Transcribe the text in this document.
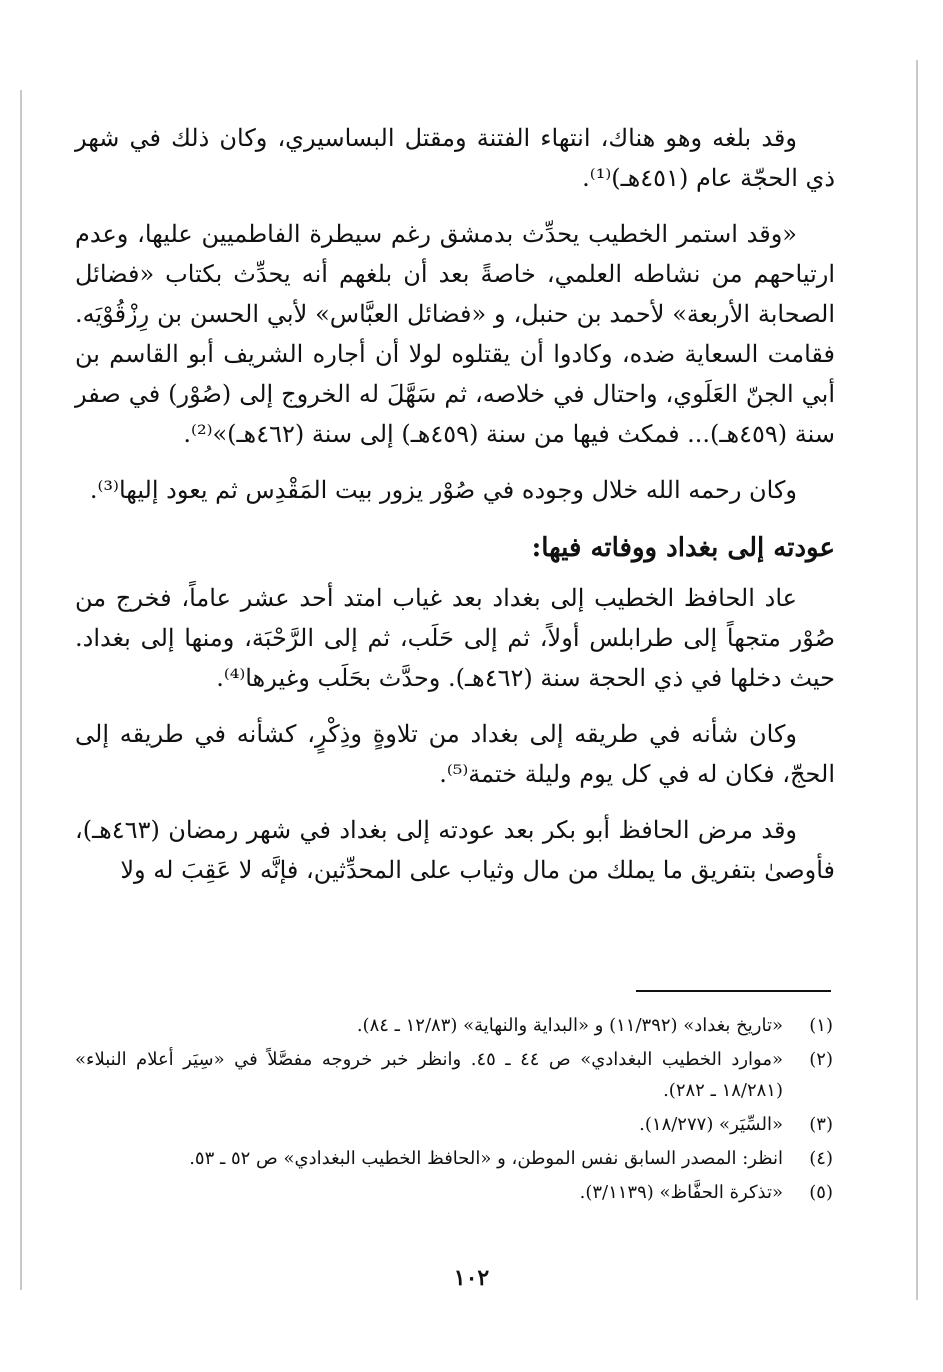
وقد بلغه وهو هناك، انتهاء الفتنة ومقتل البساسيري، وكان ذلك في شهر ذي الحجّة عام (٤٥١هـ)⁽¹⁾.

«وقد استمر الخطيب يحدِّث بدمشق رغم سيطرة الفاطميين عليها، وعدم ارتياحهم من نشاطه العلمي، خاصةً بعد أن بلغهم أنه يحدِّث بكتاب «فضائل الصحابة الأربعة» لأحمد بن حنبل، و «فضائل العبَّاس» لأبي الحسن بن رِزْقُوْيَه. فقامت السعاية ضده، وكادوا أن يقتلوه لولا أن أجاره الشريف أبو القاسم بن أبي الجنّ العَلَوي، واحتال في خلاصه، ثم سَهَّلَ له الخروج إلى (صُوْر) في صفر سنة (٤٥٩هـ)... فمكث فيها من سنة (٤٥٩هـ) إلى سنة (٤٦٢هـ)»⁽²⁾.

وكان رحمه الله خلال وجوده في صُوْر يزور بيت المَقْدِس ثم يعود إليها⁽³⁾.

عودته إلى بغداد ووفاته فيها:

عاد الحافظ الخطيب إلى بغداد بعد غياب امتد أحد عشر عاماً، فخرج من صُوْر متجهاً إلى طرابلس أولاً، ثم إلى حَلَب، ثم إلى الرَّحْبَة، ومنها إلى بغداد. حيث دخلها في ذي الحجة سنة (٤٦٢هـ). وحدَّث بحَلَب وغيرها⁽⁴⁾.

وكان شأنه في طريقه إلى بغداد من تلاوةٍ وذِكْرٍ، كشأنه في طريقه إلى الحجّ، فكان له في كل يوم وليلة ختمة⁽⁵⁾.

وقد مرض الحافظ أبو بكر بعد عودته إلى بغداد في شهر رمضان (٤٦٣هـ)، فأوصىٰ بتفريق ما يملك من مال وثياب على المحدِّثين، فإنَّه لا عَقِبَ له ولا

(١)
«تاريخ بغداد» (١١/٣٩٢) و «البداية والنهاية» (١٢/٨٣ ـ ٨٤).
(٢)
«موارد الخطيب البغدادي» ص ٤٤ ـ ٤٥. وانظر خبر خروجه مفصَّلاً في «سِيَر أعلام النبلاء» (١٨/٢٨١ ـ ٢٨٢).
(٣)
«السِّيَر» (١٨/٢٧٧).
(٤)
انظر: المصدر السابق نفس الموطن، و «الحافظ الخطيب البغدادي» ص ٥٢ ـ ٥٣.
(٥)
«تذكرة الحفَّاظ» (٣/١١٣٩).
١٠٢
